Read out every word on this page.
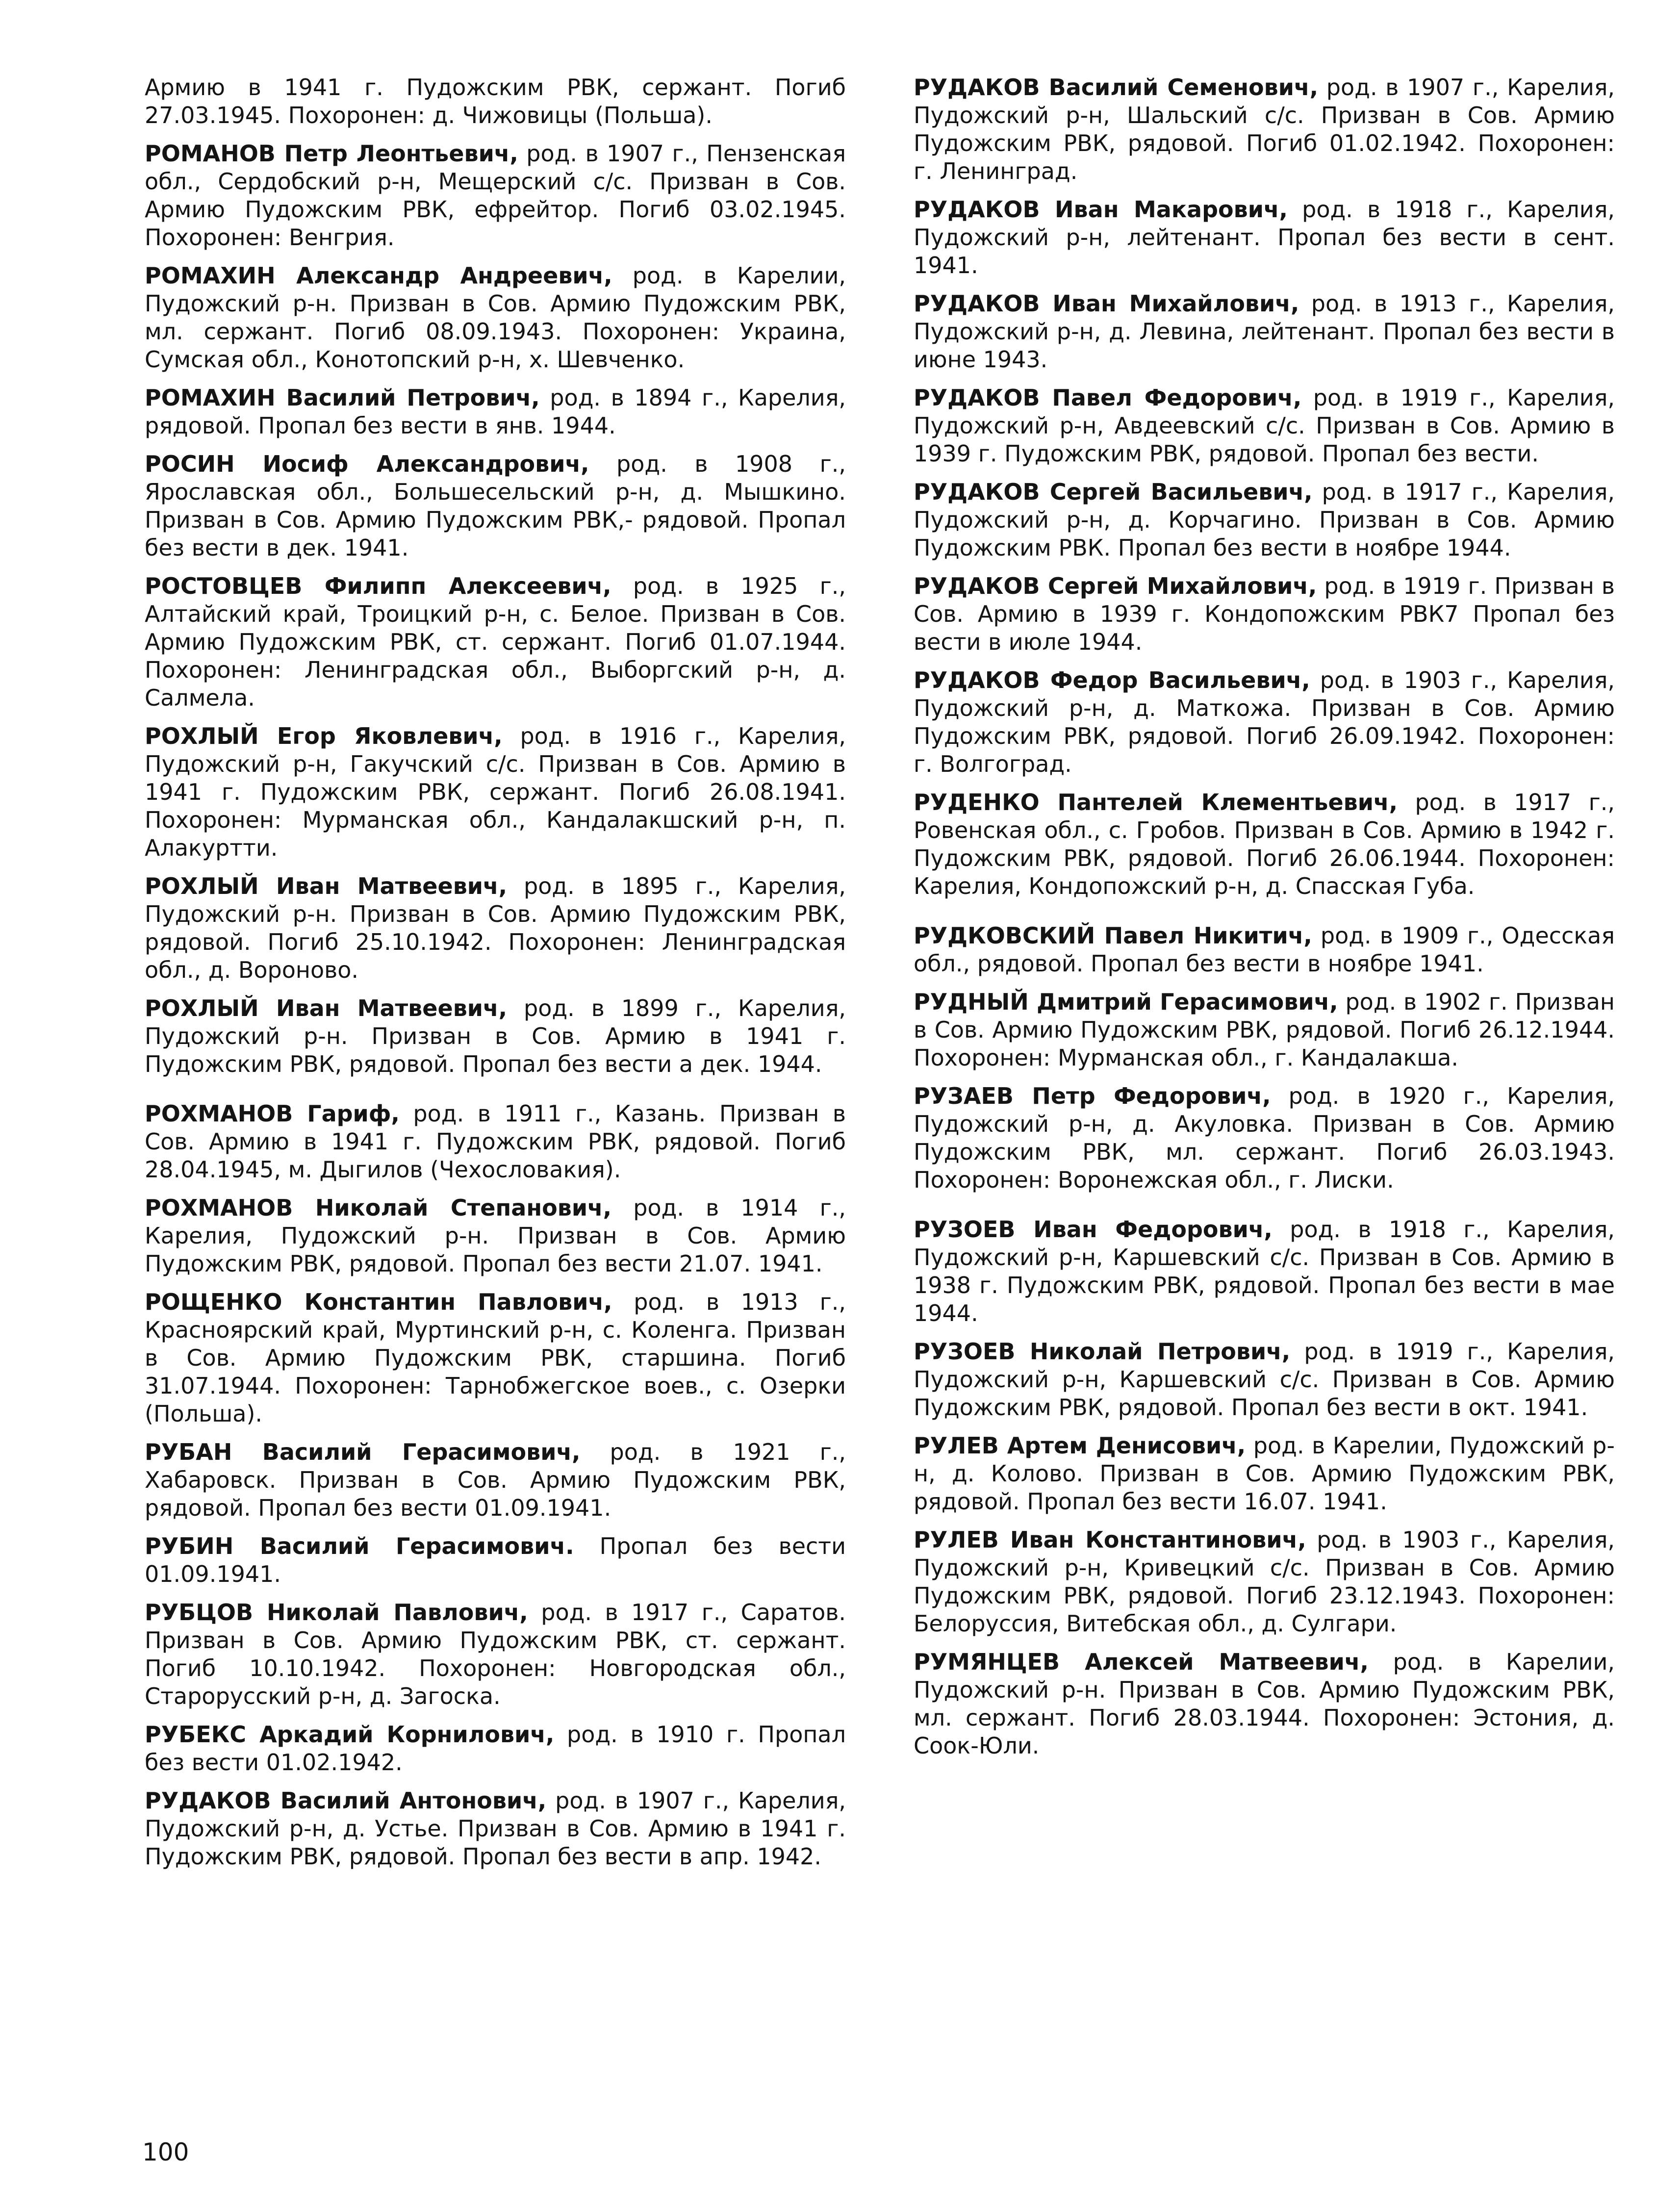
Армию в 1941 г. Пудожским РВК, сержант. Погиб 27.03.1945. Похоронен: д. Чижовицы (Польша).

РОМАНОВ Петр Леонтьевич, род. в 1907 г., Пензенская обл., Сердобский р-н, Мещерский с/с. Призван в Сов. Армию Пудожским РВК, ефрейтор. Погиб 03.02.1945. Похоронен: Венгрия.

РОМАХИН Александр Андреевич, род. в Карелии, Пудожский р-н. Призван в Сов. Армию Пудожским РВК, мл. сержант. Погиб 08.09.1943. Похоронен: Украина, Сумская обл., Конотопский р-н, х. Шевченко.

РОМАХИН Василий Петрович, род. в 1894 г., Карелия, рядовой. Пропал без вести в янв. 1944.

РОСИН Иосиф Александрович, род. в 1908 г., Ярославская обл., Большесельский р-н, д. Мышкино. Призван в Сов. Армию Пудожским РВК,- рядовой. Пропал без вести в дек. 1941.

РОСТОВЦЕВ Филипп Алексеевич, род. в 1925 г., Алтайский край, Троицкий р-н, с. Белое. Призван в Сов. Армию Пудожским РВК, ст. сержант. Погиб 01.07.1944. Похоронен: Ленинградская обл., Выборгский р-н, д. Салмела.

РОХЛЫЙ Егор Яковлевич, род. в 1916 г., Карелия, Пудожский р-н, Гакучский с/с. Призван в Сов. Армию в 1941 г. Пудожским РВК, сержант. Погиб 26.08.1941. Похоронен: Мурманская обл., Кандалакшский р-н, п. Алакуртти.

РОХЛЫЙ Иван Матвеевич, род. в 1895 г., Карелия, Пудожский р-н. Призван в Сов. Армию Пудожским РВК, рядовой. Погиб 25.10.1942. Похоронен: Ленинградская обл., д. Вороново.

РОХЛЫЙ Иван Матвеевич, род. в 1899 г., Карелия, Пудожский р-н. Призван в Сов. Армию в 1941 г. Пудожским РВК, рядовой. Пропал без вести а дек. 1944.

РОХМАНОВ Гариф, род. в 1911 г., Казань. Призван в Сов. Армию в 1941 г. Пудожским РВК, рядовой. Погиб 28.04.1945, м. Дыгилов (Чехословакия).

РОХМАНОВ Николай Степанович, род. в 1914 г., Карелия, Пудожский р-н. Призван в Сов. Армию Пудожским РВК, рядовой. Пропал без вести 21.07. 1941.

РОЩЕНКО Константин Павлович, род. в 1913 г., Красноярский край, Муртинский р-н, с. Коленга. Призван в Сов. Армию Пудожским РВК, старшина. Погиб 31.07.1944. Похоронен: Тарнобжегское воев., с. Озерки (Польша).

РУБАН Василий Герасимович, род. в 1921 г., Хабаровск. Призван в Сов. Армию Пудожским РВК, рядовой. Пропал без вести 01.09.1941.

РУБИН Василий Герасимович. Пропал без вести 01.09.1941.

РУБЦОВ Николай Павлович, род. в 1917 г., Саратов. Призван в Сов. Армию Пудожским РВК, ст. сержант. Погиб 10.10.1942. Похоронен: Новгородская обл., Старорусский р-н, д. Загоска.

РУБЕКС Аркадий Корнилович, род. в 1910 г. Пропал без вести 01.02.1942.

РУДАКОВ Василий Антонович, род. в 1907 г., Карелия, Пудожский р-н, д. Устье. Призван в Сов. Армию в 1941 г. Пудожским РВК, рядовой. Пропал без вести в апр. 1942.

РУДАКОВ Василий Семенович, род. в 1907 г., Карелия, Пудожский р-н, Шальский с/с. Призван в Сов. Армию Пудожским РВК, рядовой. Погиб 01.02.1942. Похоронен: г. Ленинград.

РУДАКОВ Иван Макарович, род. в 1918 г., Карелия, Пудожский р-н, лейтенант. Пропал без вести в сент. 1941.

РУДАКОВ Иван Михайлович, род. в 1913 г., Карелия, Пудожский р-н, д. Левина, лейтенант. Пропал без вести в июне 1943.

РУДАКОВ Павел Федорович, род. в 1919 г., Карелия, Пудожский р-н, Авдеевский с/с. Призван в Сов. Армию в 1939 г. Пудожским РВК, рядовой. Пропал без вести.

РУДАКОВ Сергей Васильевич, род. в 1917 г., Карелия, Пудожский р-н, д. Корчагино. Призван в Сов. Армию Пудожским РВК. Пропал без вести в ноябре 1944.

РУДАКОВ Сергей Михайлович, род. в 1919 г. Призван в Сов. Армию в 1939 г. Кондопожским РВК7 Пропал без вести в июле 1944.

РУДАКОВ Федор Васильевич, род. в 1903 г., Карелия, Пудожский р-н, д. Маткожа. Призван в Сов. Армию Пудожским РВК, рядовой. Погиб 26.09.1942. Похоронен: г. Волгоград.

РУДЕНКО Пантелей Клементьевич, род. в 1917 г., Ровенская обл., с. Гробов. Призван в Сов. Армию в 1942 г. Пудожским РВК, рядовой. Погиб 26.06.1944. Похоронен: Карелия, Кондопожский р-н, д. Спасская Губа.

РУДКОВСКИЙ Павел Никитич, род. в 1909 г., Одесская обл., рядовой. Пропал без вести в ноябре 1941.

РУДНЫЙ Дмитрий Герасимович, род. в 1902 г. Призван в Сов. Армию Пудожским РВК, рядовой. Погиб 26.12.1944. Похоронен: Мурманская обл., г. Кандалакша.

РУЗАЕВ Петр Федорович, род. в 1920 г., Карелия, Пудожский р-н, д. Акуловка. Призван в Сов. Армию Пудожским РВК, мл. сержант. Погиб 26.03.1943. Похоронен: Воронежская обл., г. Лиски.

РУЗОЕВ Иван Федорович, род. в 1918 г., Карелия, Пудожский р-н, Каршевский с/с. Призван в Сов. Армию в 1938 г. Пудожским РВК, рядовой. Пропал без вести в мае 1944.

РУЗОЕВ Николай Петрович, род. в 1919 г., Карелия, Пудожский р-н, Каршевский с/с. Призван в Сов. Армию Пудожским РВК, рядовой. Пропал без вести в окт. 1941.

РУЛЕВ Артем Денисович, род. в Карелии, Пудожский р-н, д. Колово. Призван в Сов. Армию Пудожским РВК, рядовой. Пропал без вести 16.07. 1941.

РУЛЕВ Иван Константинович, род. в 1903 г., Карелия, Пудожский р-н, Кривецкий с/с. Призван в Сов. Армию Пудожским РВК, рядовой. Погиб 23.12.1943. Похоронен: Белоруссия, Витебская обл., д. Сулгари.

РУМЯНЦЕВ Алексей Матвеевич, род. в Карелии, Пудожский р-н. Призван в Сов. Армию Пудожским РВК, мл. сержант. Погиб 28.03.1944. Похоронен: Эстония, д. Соок-Юли.

100
